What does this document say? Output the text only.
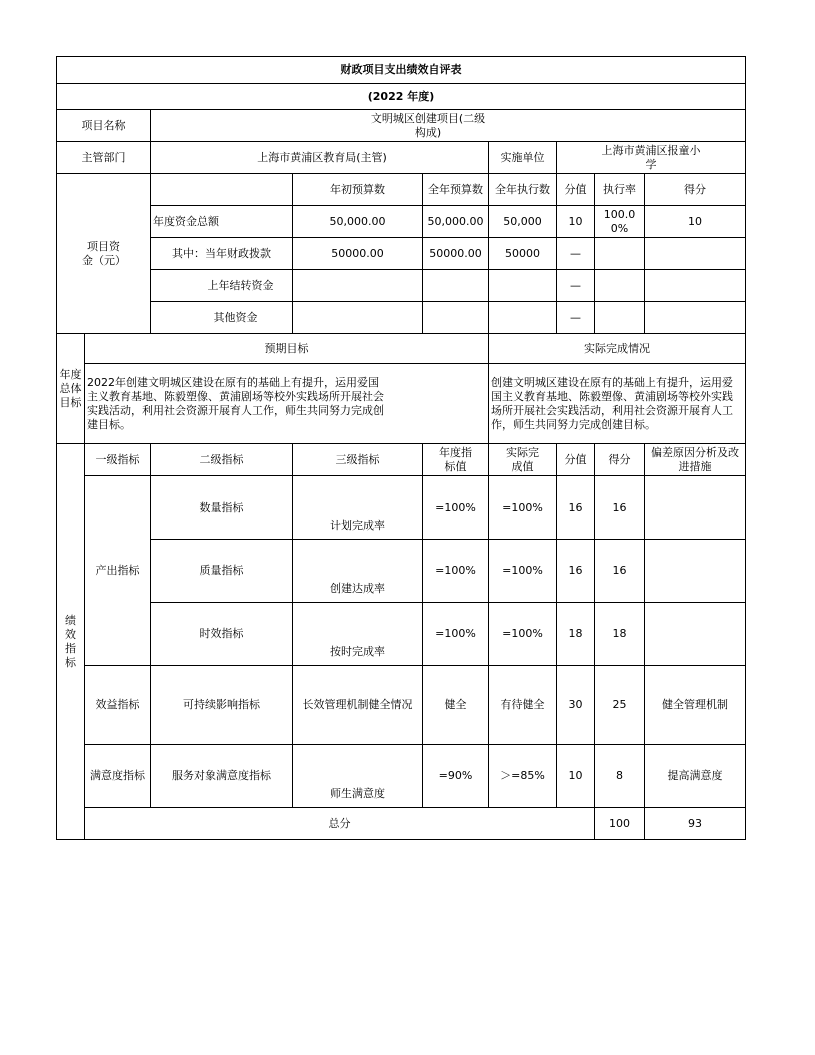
财政项目支出绩效自评表									
(2022 年度)									
项目名称		文明城区创建项目(二级构成)							
主管部门		上海市黄浦区教育局(主管)			实施单位	上海市黄浦区报童小学			
项目资金（元）			年初预算数	全年预算数	全年执行数	分值	执行率	得分	
		年度资金总额	50,000.00	50,000.00	50,000	10	100.00%	10	
		其中：当年财政拨款	50000.00	50000.00	50000	—			
		上年结转资金				—			
		其他资金				—			
年度总体目标	预期目标				实际完成情况				
	2022年创建文明城区建设在原有的基础上有提升，运用爱国主义教育基地、陈毅塑像、黄浦剧场等校外实践场所开展社会实践活动，利用社会资源开展育人工作，师生共同努力完成创建目标。				创建文明城区建设在原有的基础上有提升，运用爱国主义教育基地、陈毅塑像、黄浦剧场等校外实践场所开展社会实践活动，利用社会资源开展育人工作，师生共同努力完成创建目标。				
绩效指标	一级指标	二级指标	三级指标	年度指标值	实际完成值	分值	得分	偏差原因分析及改进措施	
	产出指标	数量指标	计划完成率	=100%	=100%	16	16		
		质量指标	创建达成率	=100%	=100%	16	16		
		时效指标	按时完成率	=100%	=100%	18	18		
	效益指标	可持续影响指标	长效管理机制健全情况	健全	有待健全	30	25	健全管理机制	
	满意度指标	服务对象满意度指标	师生满意度	=90%	＞=85%	10	8	提高满意度	
	总分						100	93	
